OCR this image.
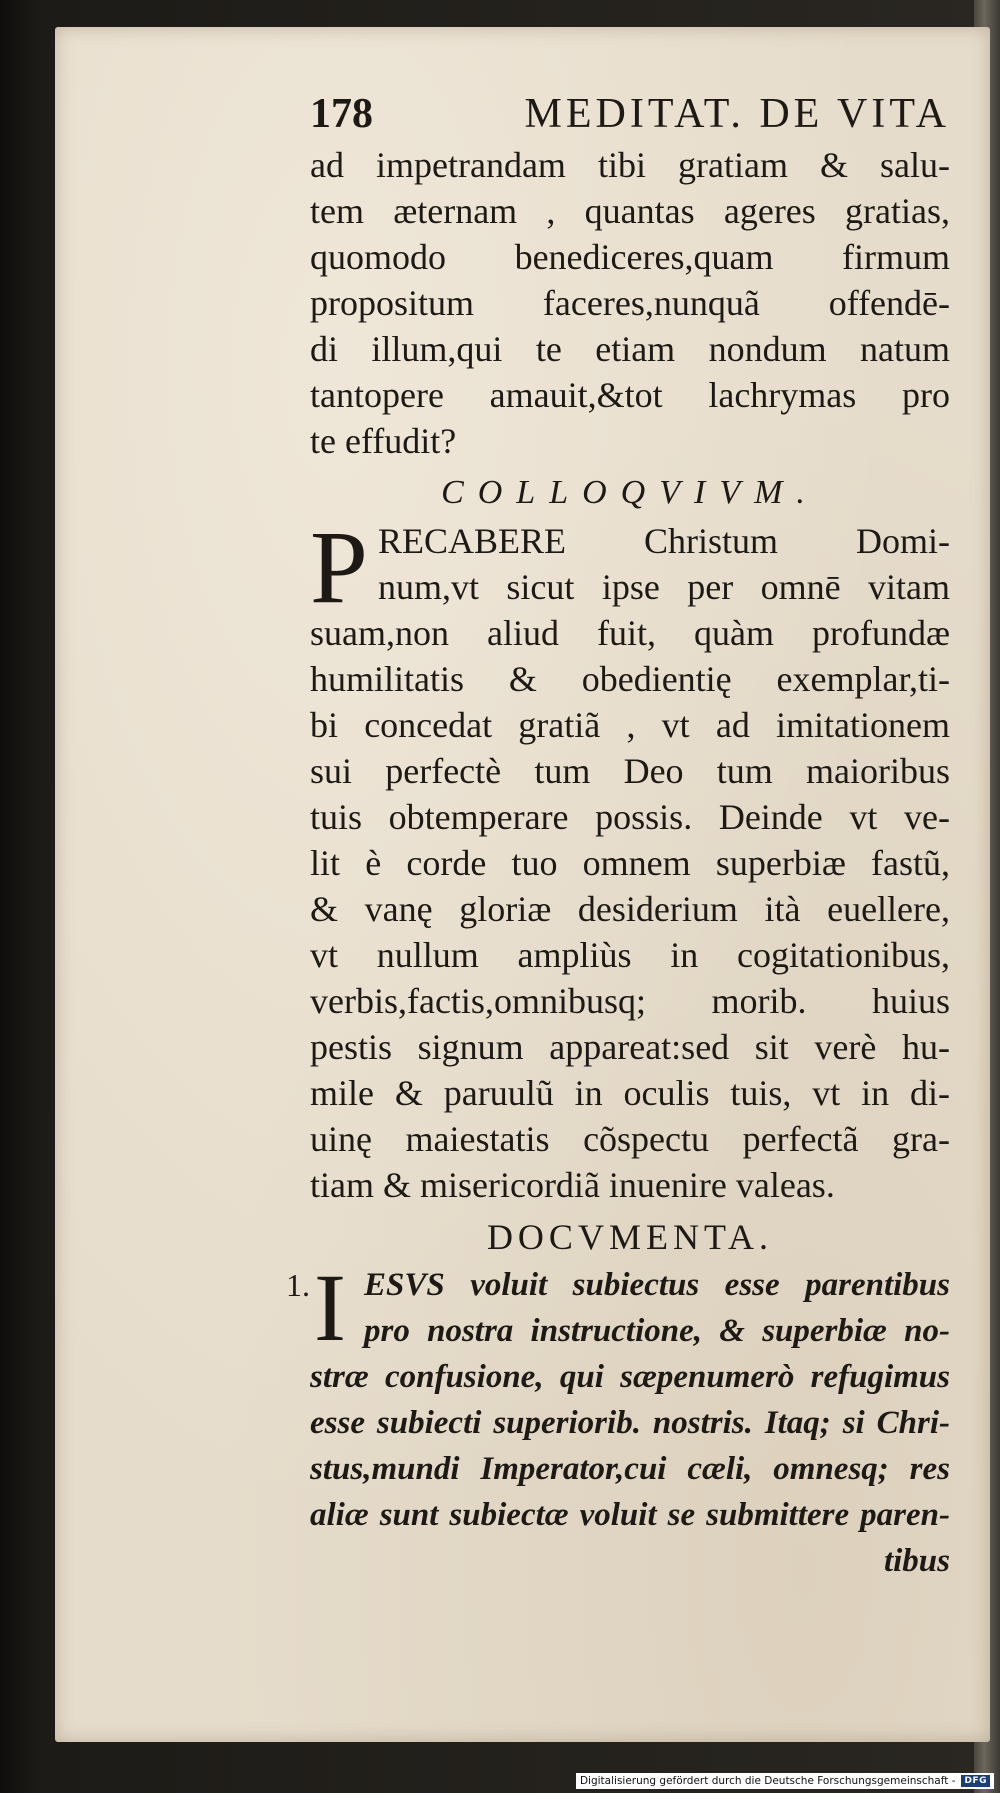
178	MEDITAT. DE VITA
ad impetrandam tibi gratiam & salu-
tem æternam , quantas ageres gratias,
quomodo benediceres,quam firmum
propositum faceres,nunquã offendē-
di illum,qui te etiam nondum natum
tantopere amauit,&tot lachrymas pro
te effudit?
COLLOQVIVM.
P RECABERE Christum Domi-
num,vt sicut ipse per omnē vitam
suam,non aliud fuit, quàm profundæ
humilitatis & obedientię exemplar,ti-
bi concedat gratiã , vt ad imitationem
sui perfectè tum Deo tum maioribus
tuis obtemperare possis. Deinde vt ve-
lit è corde tuo omnem superbiæ fastũ,
& vanę gloriæ desiderium ità euellere,
vt nullum ampliùs in cogitationibus,
verbis,factis,omnibusq; morib. huius
pestis signum appareat:sed sit verè hu-
mile & paruulũ in oculis tuis, vt in di-
uinę maiestatis cõspectu perfectã gra-
tiam & misericordiã inuenire valeas.
DOCVMENTA.
1. I ESVS voluit subiectus esse parentibus
pro nostra instructione, & superbiæ no-
stræ confusione, qui sæpenumerò refugimus
esse subiecti superiorib. nostris. Itaq; si Chri-
stus,mundi Imperator,cui cæli, omnesq; res
aliæ sunt subiectæ voluit se submittere paren-
tibus
Digitalisierung gefördert durch die Deutsche Forschungsgemeinschaft -	DFG
